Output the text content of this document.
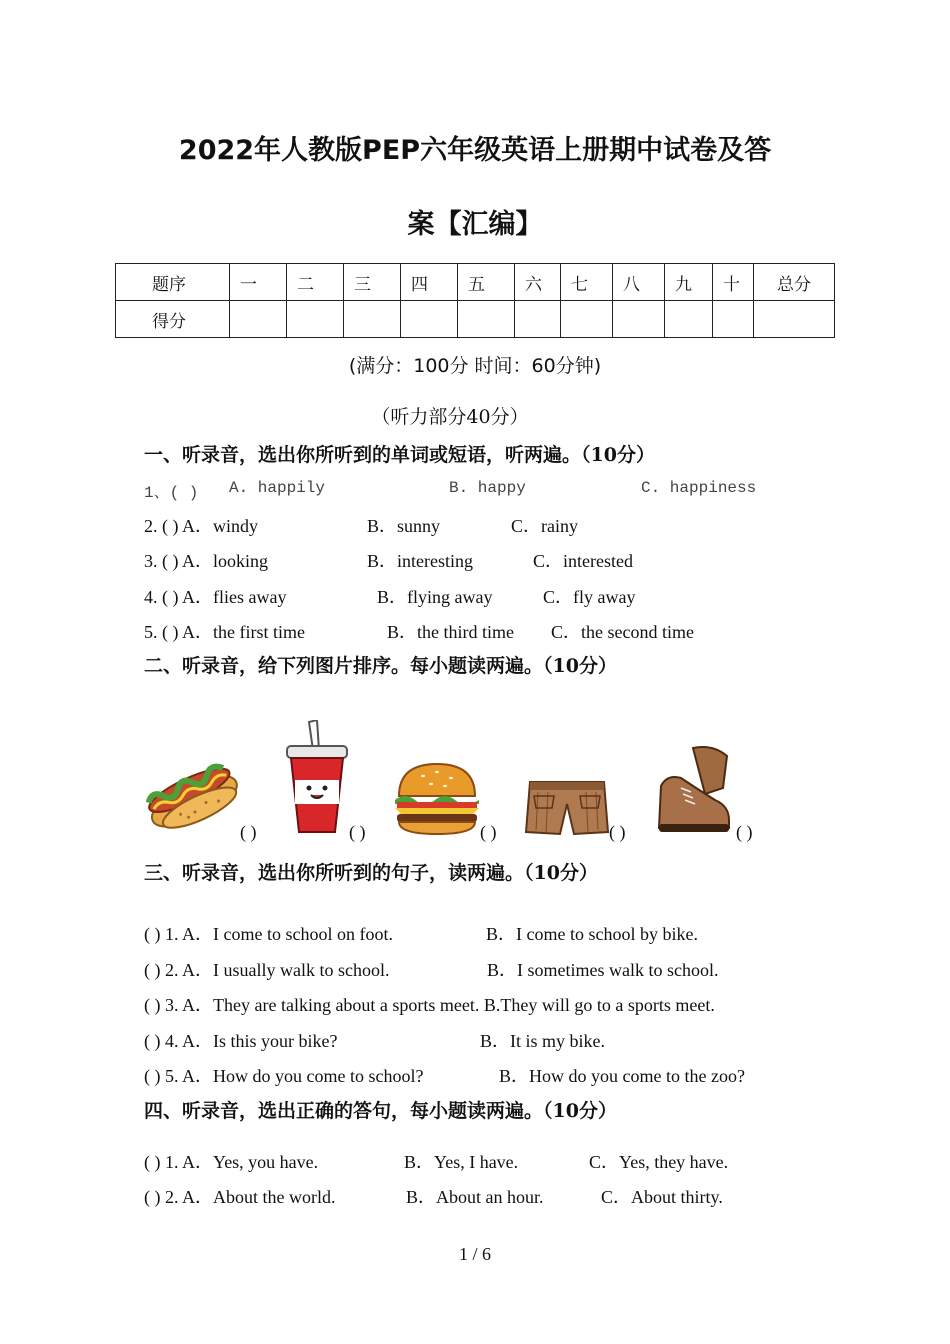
2022年人教版PEP六年级英语上册期中试卷及答
案【汇编】
题序	一	二	三	四	五	六	七	八	九	十	总分
得分											
(满分：100分 时间：60分钟)
（听力部分40分）
一、听录音，选出你所听到的单词或短语，听两遍。（10分）
1、( ) A. happily	B. happy	C. happiness
2. ( ) A．windy	B．sunny	C．rainy
3. ( ) A．looking	B．interesting	C．interested
4. ( ) A．flies away	B．flying away	C．fly away
5. ( ) A．the first time	B．the third time C．the second time
二、听录音，给下列图片排序。每小题读两遍。（10分）
( )	( )	( )	( )	( )
三、听录音，选出你所听到的句子，读两遍。（10分）
( ) 1. A．I come to school on foot.	B．I come to school by bike.
( ) 2. A．I usually walk to school.	B．I sometimes walk to school.
( ) 3. A．They are talking about a sports meet. B.They will go to a sports meet.
( ) 4. A．Is this your bike?	B．It is my bike.
( ) 5. A．How do you come to school?	B．How do you come to the zoo?
四、听录音，选出正确的答句，每小题读两遍。（10分）
( ) 1. A．Yes, you have.	B．Yes, I have.	C．Yes, they have.
( ) 2. A．About the world.	B．About an hour.	C．About thirty.
1 / 6
